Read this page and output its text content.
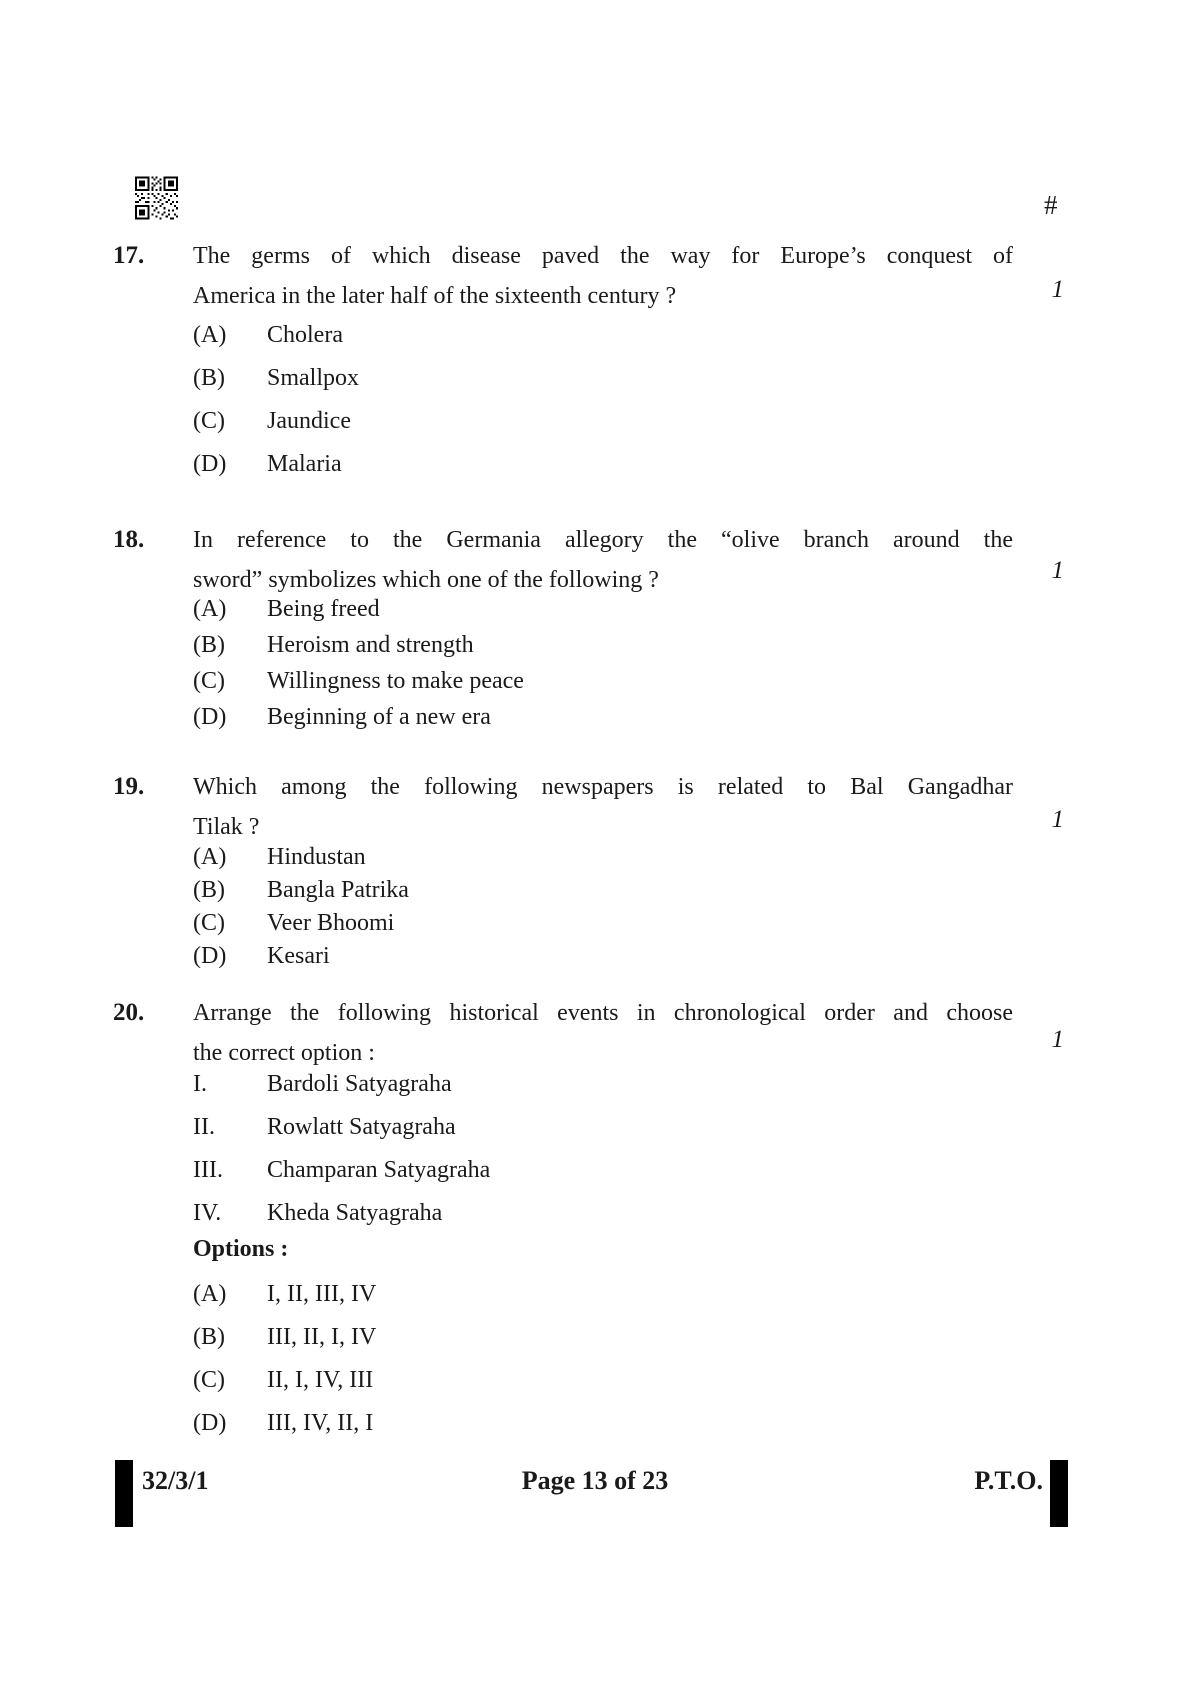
#
17. The germs of which disease paved the way for Europe’s conquest of
America in the later half of the sixteenth century ?	1
(A)	Cholera
(B)	Smallpox
(C)	Jaundice
(D)	Malaria
18. In reference to the Germania allegory the “olive branch around the
sword” symbolizes which one of the following ?	1
(A)	Being freed
(B)	Heroism and strength
(C)	Willingness to make peace
(D)	Beginning of a new era
19. Which among the following newspapers is related to Bal Gangadhar
Tilak ?	1
(A)	Hindustan
(B)	Bangla Patrika
(C)	Veer Bhoomi
(D)	Kesari
20. Arrange the following historical events in chronological order and choose
the correct option :	1
I.	Bardoli Satyagraha
II.	Rowlatt Satyagraha
III.	Champaran Satyagraha
IV.	Kheda Satyagraha
Options :
(A)	I, II, III, IV
(B)	III, II, I, IV
(C)	II, I, IV, III
(D)	III, IV, II, I
32/3/1	Page 13 of 23	P.T.O.
